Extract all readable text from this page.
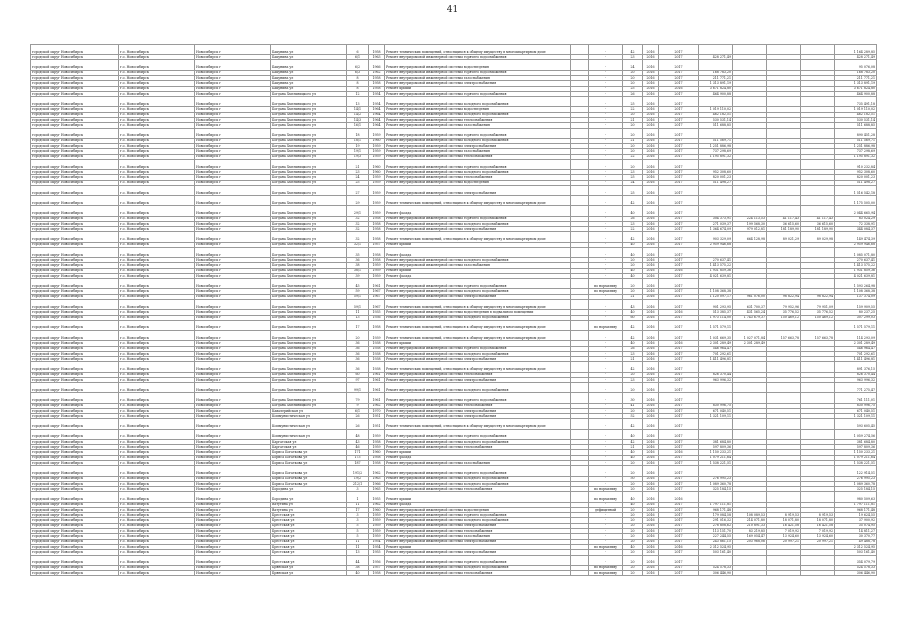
41
городской округ Новосибирск	г.о. Новосибирск	Новосибирск г	Бакунина ул	6	1958	Ремонт технических помещений, относящихся к общему имуществу в многоквартирном доме		-	42	2016	2017					1 164 289,85
городской округ Новосибирск	г.о. Новосибирск	Новосибирск г	Бакунина ул	6/1	1963	Ремонт внутридомовой инженерной системы горячего водоснабжения		-	23	2016	2017	428 271,49				428 271,49
городской округ Новосибирск	г.о. Новосибирск	Новосибирск г	Бакунина ул	6/2	1966	Ремонт внутридомовой инженерной системы водоотведения		-	24	2016	2017					95 076,08
городской округ Новосибирск	г.о. Новосибирск	Новосибирск г	Бакунина ул	6/3	1962	Ремонт внутридомовой инженерной системы горячего водоснабжения		-	20	2016	2017	168 783,20				168 783,20
городской округ Новосибирск	г.о. Новосибирск	Новосибирск г	Бакунина ул	8	1958	Ремонт внутридомовой инженерной системы газоснабжения		-	20	2016	2017	211 771,21				211 771,21
городской округ Новосибирск	г.о. Новосибирск	Новосибирск г	Бакунина ул	8	1958	Ремонт внутридомовой инженерной системы электроснабжения		-	20	2016	2017	1 313 891,19				1 313 891,19
городской округ Новосибирск	г.о. Новосибирск	Новосибирск г	Бакунина ул	8	1958	Ремонт крыши		-	25	2016	2016	3 671 824,80				3 671 824,80
городской округ Новосибирск	г.о. Новосибирск	Новосибирск г	Богдана Хмельницкого ул	12	1954	Ремонт внутридомовой инженерной системы горячего водоснабжения		-	26	2016	2017	464 900,88				464 900,88
городской округ Новосибирск	г.о. Новосибирск	Новосибирск г	Богдана Хмельницкого ул	13	1954	Ремонт внутридомовой инженерной системы холодного водоснабжения		-	25	2016	2017					735 491,18
городской округ Новосибирск	г.о. Новосибирск	Новосибирск г	Богдана Хмельницкого ул	14/1	1964	Ремонт внутридомовой инженерной системы водоотведения		-	22	2016	2017	1 019 110,02				1 019 110,02
городской округ Новосибирск	г.о. Новосибирск	Новосибирск г	Богдана Хмельницкого ул	14/2	1964	Ремонт внутридомовой инженерной системы холодного водоснабжения		-	20	2016	2017	462 182,51				462 182,51
городской округ Новосибирск	г.о. Новосибирск	Новосибирск г	Богдана Хмельницкого ул	14/3	1964	Ремонт внутридомовой инженерной системы теплоснабжения		-	21	2016	2017	530 531,14				530 531,14
городской округ Новосибирск	г.о. Новосибирск	Новосибирск г	Богдана Хмельницкого ул	16/1	1964	Ремонт внутридомовой инженерной системы газоснабжения		-	20	2016	2017	511 688,85				511 688,85
городской округ Новосибирск	г.о. Новосибирск	Новосибирск г	Богдана Хмельницкого ул	18	1959	Ремонт внутридомовой инженерной системы горячего водоснабжения		-	20	2016	2017					890 451,28
городской округ Новосибирск	г.о. Новосибирск	Новосибирск г	Богдана Хмельницкого ул	18/1	1960	Ремонт внутридомовой инженерной системы холодного водоснабжения		-	21	2016	2017	511 569,71				511 569,71
городской округ Новосибирск	г.о. Новосибирск	Новосибирск г	Богдана Хмельницкого ул	19	1959	Ремонт внутридомовой инженерной системы электроснабжения		-	20	2016	2017	1 251 886,98				1 251 886,98
городской округ Новосибирск	г.о. Новосибирск	Новосибирск г	Богдана Хмельницкого ул	19/1	1959	Ремонт внутридомовой инженерной системы газоснабжения		-	20	2016	2017	737 298,69				737 298,69
городской округ Новосибирск	г.о. Новосибирск	Новосибирск г	Богдана Хмельницкого ул	19/3	1959	Ремонт внутридомовой инженерной системы теплоснабжения		-	22	2016	2017	1 195 891,32				1 195 891,32
городской округ Новосибирск	г.о. Новосибирск	Новосибирск г	Богдана Хмельницкого ул	21	1960	Ремонт внутридомовой инженерной системы горячего водоснабжения		-	20	2016	2017					910 232,84
городской округ Новосибирск	г.о. Новосибирск	Новосибирск г	Богдана Хмельницкого ул	23	1960	Ремонт внутридомовой инженерной системы холодного водоснабжения		-	23	2016	2017	952 308,60				952 308,60
городской округ Новосибирск	г.о. Новосибирск	Новосибирск г	Богдана Хмельницкого ул	24	1959	Ремонт внутридомовой инженерной системы теплоснабжения		-	25	2016	2017	820 001,23				820 001,23
городской округ Новосибирск	г.о. Новосибирск	Новосибирск г	Богдана Хмельницкого ул	25	1959	Ремонт внутридомовой инженерной системы водоотведения		-	24	2016	2017	511 498,27				511 498,27
городской округ Новосибирск	г.о. Новосибирск	Новосибирск г	Богдана Хмельницкого ул	27	1959	Ремонт внутридомовой инженерной системы электроснабжения		-	25	2016	2017					1 516 542,18
городской округ Новосибирск	г.о. Новосибирск	Новосибирск г	Богдана Хмельницкого ул	29	1959	Ремонт технических помещений, относящихся к общему имуществу в многоквартирном доме		-	42	2016	2017					1 175 505,00
городской округ Новосибирск	г.о. Новосибирск	Новосибирск г	Богдана Хмельницкого ул	29/1	1959	Ремонт фасада		-	40	2016	2017					2 044 665,94
городской округ Новосибирск	г.о. Новосибирск	Новосибирск г	Богдана Хмельницкого ул	32	1958	Ремонт внутридомовой инженерной системы горячего водоснабжения		-	26	2016	2017	304 373,91	224 113,53	41 117,43	41 117,43	83 024,29
городской округ Новосибирск	г.о. Новосибирск	Новосибирск г	Богдана Хмельницкого ул	32	1958	Ремонт внутридомовой инженерной системы холодного водоснабжения		-	23	2016	2017	271 039,37	199 568,30	36 615,60	36 615,60	72 338,91
городской округ Новосибирск	г.о. Новосибирск	Новосибирск г	Богдана Хмельницкого ул	32	1958	Ремонт внутридомовой инженерной системы электроснабжения		-	22	2016	2017	1 364 674,09	979 012,81	181 189,90	181 189,90	344 084,37
городской округ Новосибирск	г.о. Новосибирск	Новосибирск г	Богдана Хмельницкого ул	32	1958	Ремонт технических помещений, относящихся к общему имуществу в многоквартирном доме		-	42	2016	2017	903 329,09	664 128,98	89 021,29	89 029,98	149 474,39
городской округ Новосибирск	г.о. Новосибирск	Новосибирск г	Богдана Хмельницкого ул	32/1	1957	Ремонт крыши		-	40	2016	2017	2 959 946,68				2 959 946,68
городской округ Новосибирск	г.о. Новосибирск	Новосибирск г	Богдана Хмельницкого ул	35	1958	Ремонт фасада		-	40	2016	2017					1 085 071,80
городской округ Новосибирск	г.о. Новосибирск	Новосибирск г	Богдана Хмельницкого ул	36	1958	Ремонт внутридомовой инженерной системы холодного водоснабжения		-	20	2016	2017	270 637,41				270 637,41
городской округ Новосибирск	г.о. Новосибирск	Новосибирск г	Богдана Хмельницкого ул	38	1959	Ремонт внутридомовой инженерной системы газоснабжения		-	20	2016	2017	1 413 575,22				1 413 575,22
городской округ Новосибирск	г.о. Новосибирск	Новосибирск г	Богдана Хмельницкого ул	38/1	1959	Ремонт крыши		-	40	2016	2016	1 931 859,36				1 931 859,36
городской округ Новосибирск	г.о. Новосибирск	Новосибирск г	Богдана Хмельницкого ул	39	1959	Ремонт фасада		-	40	2016	2017	4 021 639,81				4 021 639,81
городской округ Новосибирск	г.о. Новосибирск	Новосибирск г	Богдана Хмельницкого ул	45	1961	Ремонт внутридомовой инженерной системы горячего водоснабжения		по нормативу	20	2016	2017					1 593 264,98
городской округ Новосибирск	г.о. Новосибирск	Новосибирск г	Богдана Хмельницкого ул	59	1967	Ремонт внутридомовой инженерной системы холодного водоснабжения		по нормативу	20	2016	2017	1 108 368,38				1 108 368,38
городской округ Новосибирск	г.о. Новосибирск	Новосибирск г	Богдана Хмельницкого ул	59/1	1967	Ремонт внутридомовой инженерной системы электроснабжения		-	21	2016	2017	1 120 097,17	961 076,00	98 822,94	98 822,94	137 374,09
городской округ Новосибирск	г.о. Новосибирск	Новосибирск г	Богдана Хмельницкого ул	59/1	1967	Ремонт технических помещений, относящихся к общему имуществу в многоквартирном доме		-	43	2016	2017	901 293,95	631 700,37	79 952,96	79 951,09	159 909,55
городской округ Новосибирск	г.о. Новосибирск	Новосибирск г	Богдана Хмельницкого ул	11	1935	Ремонт внутридомовой инженерной системы водоотведения в подвальном помещении		-	40	2016	2016	513 385,37	431 565,24	35 776,52	35 776,52	80 237,25
городской округ Новосибирск	г.о. Новосибирск	Новосибирск г	Богдана Хмельницкого ул	13	1936	Ремонт внутридомовой инженерной системы холодного водоснабжения		-	60	2016	2017	1 973 114,00	1 743 679,37	150 469,12	150 469,12	307 299,03
городской округ Новосибирск	г.о. Новосибирск	Новосибирск г	Богдана Хмельницкого ул	17	1958	Ремонт технических помещений, относящихся к общему имуществу в многоквартирном доме		по нормативу	42	2016	2017	1 571 579,11				1 571 579,11
городской округ Новосибирск	г.о. Новосибирск	Новосибирск г	Богдана Хмельницкого ул	20	1939	Ремонт технических помещений, относящихся к общему имуществу в многоквартирном доме		-	42	2016	2017	1 031 669,35	1 027 071,84	157 663,78	157 663,78	114 293,09
городской округ Новосибирск	г.о. Новосибирск	Новосибирск г	Богдана Хмельницкого ул	36	1938	Ремонт крыши		-	40	2016	2016	2 301 289,49	2 301 289,49			2 301 289,49
городской округ Новосибирск	г.о. Новосибирск	Новосибирск г	Богдана Хмельницкого ул	36	1938	Ремонт внутридомовой инженерной системы горячего водоснабжения		-	26	2016	2017	546 964,47				546 964,47
городской округ Новосибирск	г.о. Новосибирск	Новосибирск г	Богдана Хмельницкого ул	36	1938	Ремонт внутридомовой инженерной системы холодного водоснабжения		-	23	2016	2017	701 292,61				701 292,61
городской округ Новосибирск	г.о. Новосибирск	Новосибирск г	Богдана Хмельницкого ул	36	1938	Ремонт внутридомовой инженерной системы электроснабжения		-	21	2016	2017	1 411 496,81				1 411 496,81
городской округ Новосибирск	г.о. Новосибирск	Новосибирск г	Богдана Хмельницкого ул	36	1938	Ремонт технических помещений, относящихся к общему имуществу в многоквартирном доме		-	42	2016	2017					891 376,15
городской округ Новосибирск	г.о. Новосибирск	Новосибирск г	Богдана Хмельницкого ул	60	1961	Ремонт внутридомовой инженерной системы теплоснабжения		-	20	2016	2017	826 370,44				826 370,44
городской округ Новосибирск	г.о. Новосибирск	Новосибирск г	Богдана Хмельницкого ул	97	1961	Ремонт внутридомовой инженерной системы электроснабжения		-	23	2016	2017	963 996,32				963 996,32
городской округ Новосибирск	г.о. Новосибирск	Новосибирск г	Богдана Хмельницкого ул	99/1	1961	Ремонт внутридомовой инженерной системы холодного водоснабжения		-	20	2016	2017					771 275,47
городской округ Новосибирск	г.о. Новосибирск	Новосибирск г	Богдана Хмельницкого ул	79	1961	Ремонт внутридомовой инженерной системы горячего водоснабжения		-	30	2016	2017					761 111,01
городской округ Новосибирск	г.о. Новосибирск	Новосибирск г	Богдана Хмельницкого ул	9	1962	Ремонт внутридомовой инженерной системы теплоснабжения		-	41	2016	2017	830 996,75				830 996,75
городской округ Новосибирск	г.о. Новосибирск	Новосибирск г	Кавалерийская ул	6/1	1970	Ремонт внутридомовой инженерной системы электроснабжения		-	20	2016	2017	671 040,51				671 040,51
городской округ Новосибирск	г.о. Новосибирск	Новосибирск г	Коммунистическая ул	26	1951	Ремонт внутридомовой инженерной системы электроснабжения		-	52	2016	2017	1 321 109,11				1 321 109,11
городской округ Новосибирск	г.о. Новосибирск	Новосибирск г	Коммунистическая ул	26	1951	Ремонт технических помещений, относящихся к общему имуществу в многоквартирном доме		-	42	2016	2017					593 605,45
городской округ Новосибирск	г.о. Новосибирск	Новосибирск г	Коммунистическая ул	48	1959	Ремонт внутридомовой инженерной системы горячего водоснабжения		-	40	2016	2017					1 059 274,56
городской округ Новосибирск	г.о. Новосибирск	Новосибирск г	Каргатская ул	43	1958	Ремонт внутридомовой инженерной системы холодного водоснабжения		-	42	2016	2017	381 684,80				381 684,80
городской округ Новосибирск	г.о. Новосибирск	Новосибирск г	Каргатская ул	46	1959	Ремонт внутридомовой инженерной системы теплоснабжения		-	21	2016	2017	597 809,36				597 809,36
городской округ Новосибирск	г.о. Новосибирск	Новосибирск г	Бориса Богаткова ул	171	1960	Ремонт крыши		-	40	2016	2016	1 150 233,21				1 150 233,21
городской округ Новосибирск	г.о. Новосибирск	Новосибирск г	Бориса Богаткова ул	173	1958	Ремонт фасада		-	40	2016	2017	1 079 211,64				1 079 211,64
городской округ Новосибирск	г.о. Новосибирск	Новосибирск г	Бориса Богаткова ул	187	1958	Ремонт внутридомовой инженерной системы газоснабжения		-	20	2016	2017	1 538 221,51				1 538 221,51
городской округ Новосибирск	г.о. Новосибирск	Новосибирск г	Бориса Богаткова ул	191/2	1962	Ремонт внутридомовой инженерной системы горячего водоснабжения		-	20	2016	2017					122 914,51
городской округ Новосибирск	г.о. Новосибирск	Новосибирск г	Бориса Богаткова ул	19/2	1963	Ремонт внутридомовой инженерной системы холодного водоснабжения		-	50	2016	2017	276 995,23				276 995,23
городской округ Новосибирск	г.о. Новосибирск	Новосибирск г	Бориса Богаткова ул	212/1	1966	Ремонт внутридомовой инженерной системы холодного водоснабжения		-	20	2016	2017	1 089 360,78				1 089 360,78
городской округ Новосибирск	г.о. Новосибирск	Новосибирск г	Бородина ул	3	1965	Ремонт внутридомовой инженерной системы теплоснабжения		по нормативу	20	2016	2017	325 184,15				325 184,15
городской округ Новосибирск	г.о. Новосибирск	Новосибирск г	Бородина ул	1	1955	Ремонт крыши		по нормативу	40	2016	2016					980 509,63
городской округ Новосибирск	г.о. Новосибирск	Новосибирск г	Ватутина ул	11	1962	Ремонт фасада		-	40	2016	2017	1 797 111,81				1 797 111,81
городской округ Новосибирск	г.о. Новосибирск	Новосибирск г	Ватутина ул	17	1960	Ремонт внутридомовой инженерной системы водоотведения		дефицитный	20	2016	2017	968 171,48				968 171,48
городской округ Новосибирск	г.о. Новосибирск	Новосибирск г	Брестская ул	3	1959	Ремонт внутридомовой инженерной системы горячего водоснабжения		-	20	2016	2017	179 084,58	108 089,53	8 919,53	8 919,53	19 624,55
городской округ Новосибирск	г.о. Новосибирск	Новосибирск г	Брестская ул	3	1959	Ремонт внутридомовой инженерной системы холодного водоснабжения		-	20	2016	2017	291 016,32	214 071,80	18 071,80	18 071,80	37 900,92
городской округ Новосибирск	г.о. Новосибирск	Новосибирск г	Брестская ул	5	1959	Ремонт внутридомовой инженерной системы электроснабжения		-	20	2016	2017	278 808,62	210 891,33	16 421,58	16 421,58	35 074,95
городской округ Новосибирск	г.о. Новосибирск	Новосибирск г	Брестская ул	5	1959	Ремонт внутридомовой инженерной системы теплоснабжения		-	20	2016	2017	113 151,70	83 219,85	7 019,92	7 019,92	14 811,27
городской округ Новосибирск	г.о. Новосибирск	Новосибирск г	Брестская ул	5	1959	Ремонт внутридомовой инженерной системы газоснабжения		-	20	2016	2017	227 244,55	169 054,47	13 924,60	13 924,60	30 370,77
городской округ Новосибирск	г.о. Новосибирск	Новосибирск г	Брестская ул	11	1954	Ремонт внутридомовой инженерной системы электроснабжения		-	20	2016	2017	243 861,15	203 968,06	20 997,21	20 997,21	49 488,78
городской округ Новосибирск	г.о. Новосибирск	Новосибирск г	Брестская ул	11	1954	Ремонт крыши		по нормативу	40	2016	2016	2 312 524,95				2 312 524,95
городской округ Новосибирск	г.о. Новосибирск	Новосибирск г	Брестская ул	13	1955	Ремонт внутридомовой инженерной системы электроснабжения		-	20	2016	2017	503 161,40				503 161,40
городской округ Новосибирск	г.о. Новосибирск	Новосибирск г	Брестская ул	44	1956	Ремонт внутридомовой инженерной системы горячего водоснабжения		-	20	2016	2017					354 079,79
городской округ Новосибирск	г.о. Новосибирск	Новосибирск г	Брянская ул	38	1957	Ремонт внутридомовой инженерной системы холодного водоснабжения		по нормативу	20	2016	2017	524 578,33				524 578,33
городской округ Новосибирск	г.о. Новосибирск	Новосибирск г	Брянская ул	40	1958	Ремонт внутридомовой инженерной системы теплоснабжения		по нормативу	20	2016	2017	306 446,90				306 446,90
